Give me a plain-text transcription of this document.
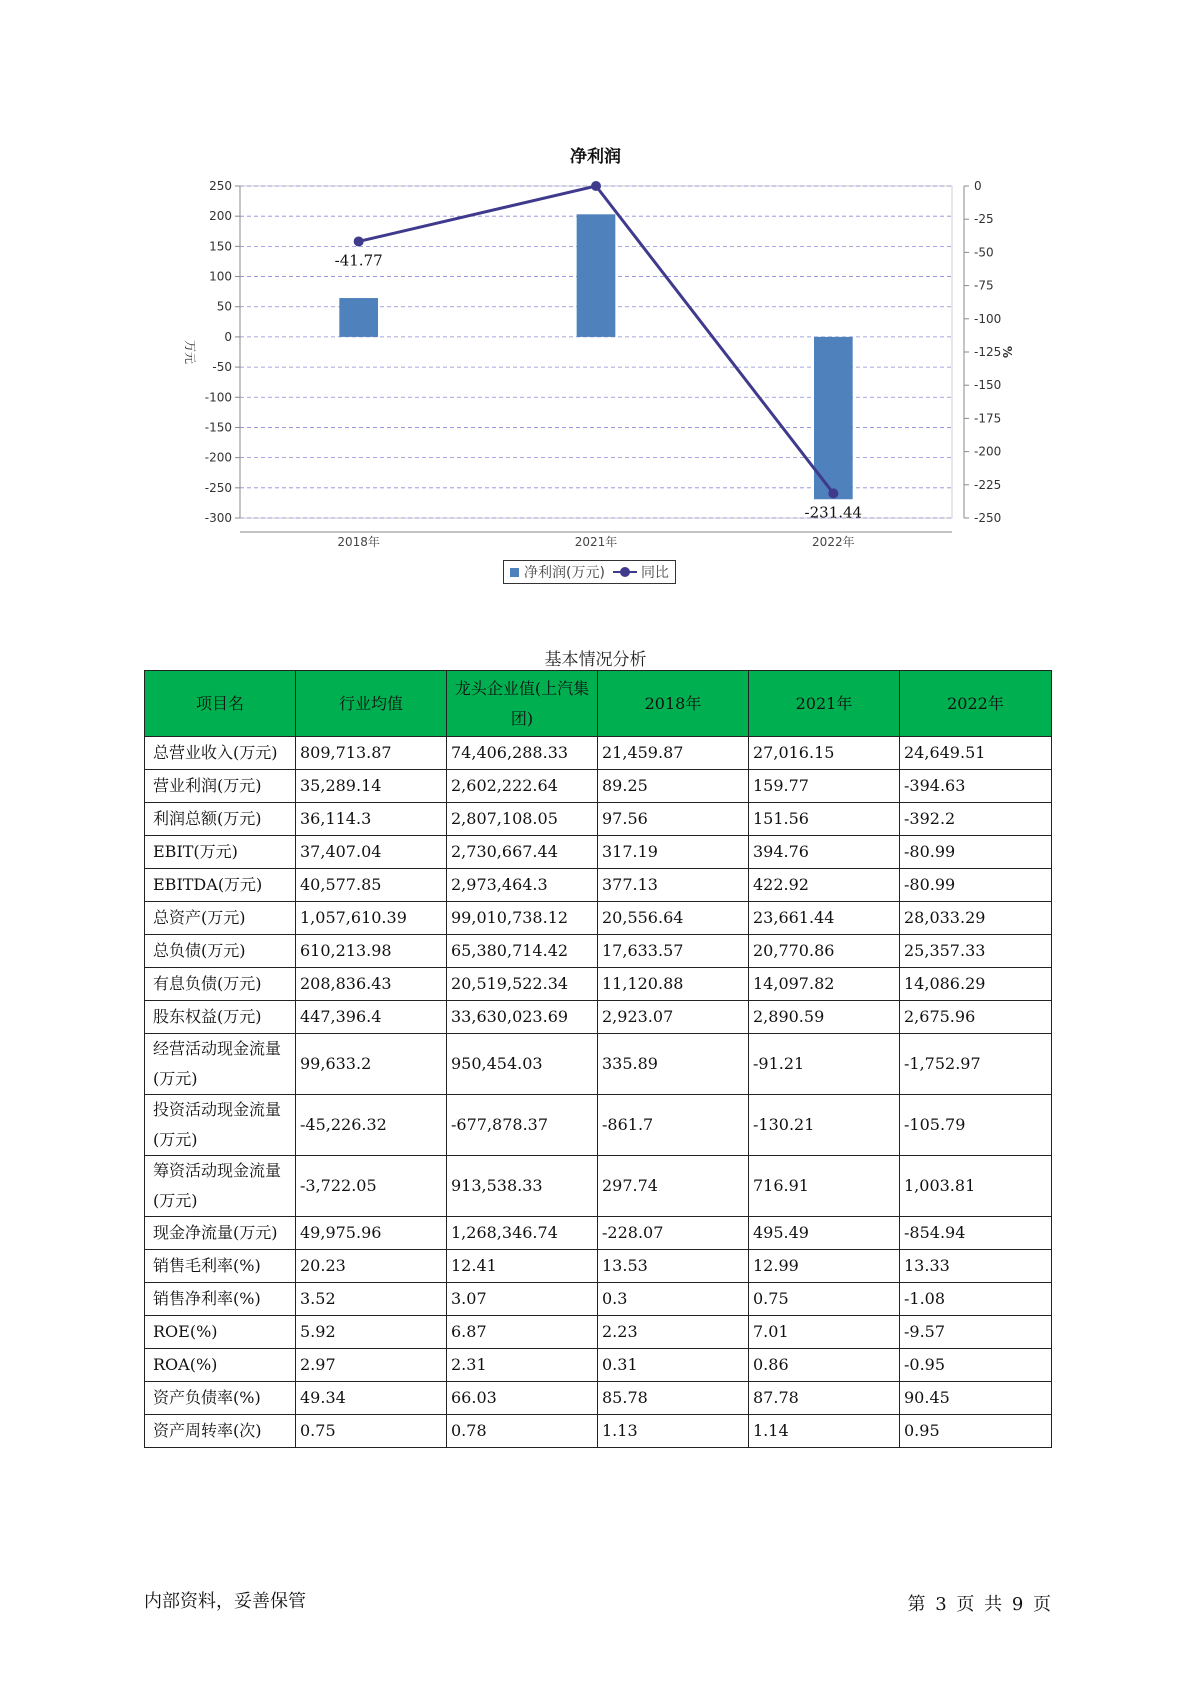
净利润
250
200
150
100
50
0
-50
-100
-150
-200
-250
-300
0
-25
-50
-75
-100
-125
-150
-175
-200
-225
-250
2018年	2021年	2022年
万元	%
-41.77
-231.44
净利润(万元)	同比
基本情况分析
项目名	行业均值	龙头企业值(上汽集团)	2018年	2021年	2022年
总营业收入(万元)	809,713.87	74,406,288.33	21,459.87	27,016.15	24,649.51
营业利润(万元)	35,289.14	2,602,222.64	89.25	159.77	-394.63
利润总额(万元)	36,114.3	2,807,108.05	97.56	151.56	-392.2
EBIT(万元)	37,407.04	2,730,667.44	317.19	394.76	-80.99
EBITDA(万元)	40,577.85	2,973,464.3	377.13	422.92	-80.99
总资产(万元)	1,057,610.39	99,010,738.12	20,556.64	23,661.44	28,033.29
总负债(万元)	610,213.98	65,380,714.42	17,633.57	20,770.86	25,357.33
有息负债(万元)	208,836.43	20,519,522.34	11,120.88	14,097.82	14,086.29
股东权益(万元)	447,396.4	33,630,023.69	2,923.07	2,890.59	2,675.96
经营活动现金流量(万元)	99,633.2	950,454.03	335.89	-91.21	-1,752.97
投资活动现金流量(万元)	-45,226.32	-677,878.37	-861.7	-130.21	-105.79
筹资活动现金流量(万元)	-3,722.05	913,538.33	297.74	716.91	1,003.81
现金净流量(万元)	49,975.96	1,268,346.74	-228.07	495.49	-854.94
销售毛利率(%)	20.23	12.41	13.53	12.99	13.33
销售净利率(%)	3.52	3.07	0.3	0.75	-1.08
ROE(%)	5.92	6.87	2.23	7.01	-9.57
ROA(%)	2.97	2.31	0.31	0.86	-0.95
资产负债率(%)	49.34	66.03	85.78	87.78	90.45
资产周转率(次)	0.75	0.78	1.13	1.14	0.95
内部资料，妥善保管	第 3 页 共 9 页
